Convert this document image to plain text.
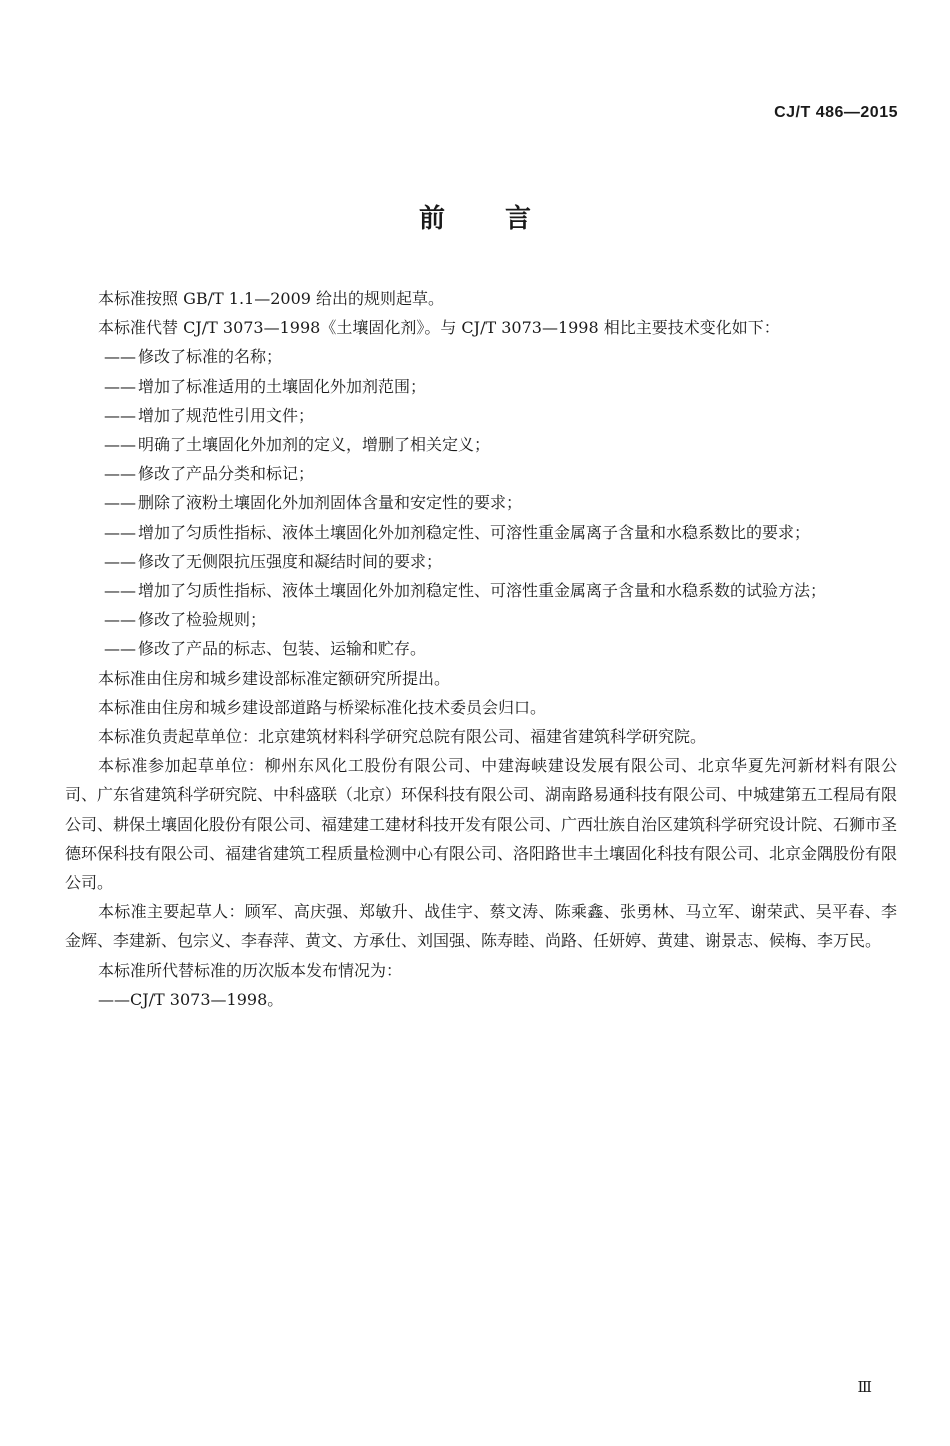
CJ/T 486—2015
前言

本标准按照 GB/T 1.1—2009 给出的规则起草。

本标准代替 CJ/T 3073—1998《土壤固化剂》。与 CJ/T 3073—1998 相比主要技术变化如下：

—— 修改了标准的名称；

—— 增加了标准适用的土壤固化外加剂范围；

—— 增加了规范性引用文件；

—— 明确了土壤固化外加剂的定义，增删了相关定义；

—— 修改了产品分类和标记；

—— 删除了液粉土壤固化外加剂固体含量和安定性的要求；

—— 增加了匀质性指标、液体土壤固化外加剂稳定性、可溶性重金属离子含量和水稳系数比的要求；

—— 修改了无侧限抗压强度和凝结时间的要求；

—— 增加了匀质性指标、液体土壤固化外加剂稳定性、可溶性重金属离子含量和水稳系数的试验方法；

—— 修改了检验规则；

—— 修改了产品的标志、包装、运输和贮存。

本标准由住房和城乡建设部标准定额研究所提出。

本标准由住房和城乡建设部道路与桥梁标准化技术委员会归口。

本标准负责起草单位：北京建筑材料科学研究总院有限公司、福建省建筑科学研究院。

本标准参加起草单位：柳州东风化工股份有限公司、中建海峡建设发展有限公司、北京华夏先河新材料有限公司、广东省建筑科学研究院、中科盛联（北京）环保科技有限公司、湖南路易通科技有限公司、中城建第五工程局有限公司、耕保土壤固化股份有限公司、福建建工建材科技开发有限公司、广西壮族自治区建筑科学研究设计院、石狮市圣德环保科技有限公司、福建省建筑工程质量检测中心有限公司、洛阳路世丰土壤固化科技有限公司、北京金隅股份有限公司。

本标准主要起草人：顾军、高庆强、郑敏升、战佳宇、蔡文涛、陈乘鑫、张勇林、马立军、谢荣武、吴平春、李金辉、李建新、包宗义、李春萍、黄文、方承仕、刘国强、陈寿睦、尚路、任妍婷、黄建、谢景志、候梅、李万民。

本标准所代替标准的历次版本发布情况为：

——CJ/T 3073—1998。

Ⅲ
